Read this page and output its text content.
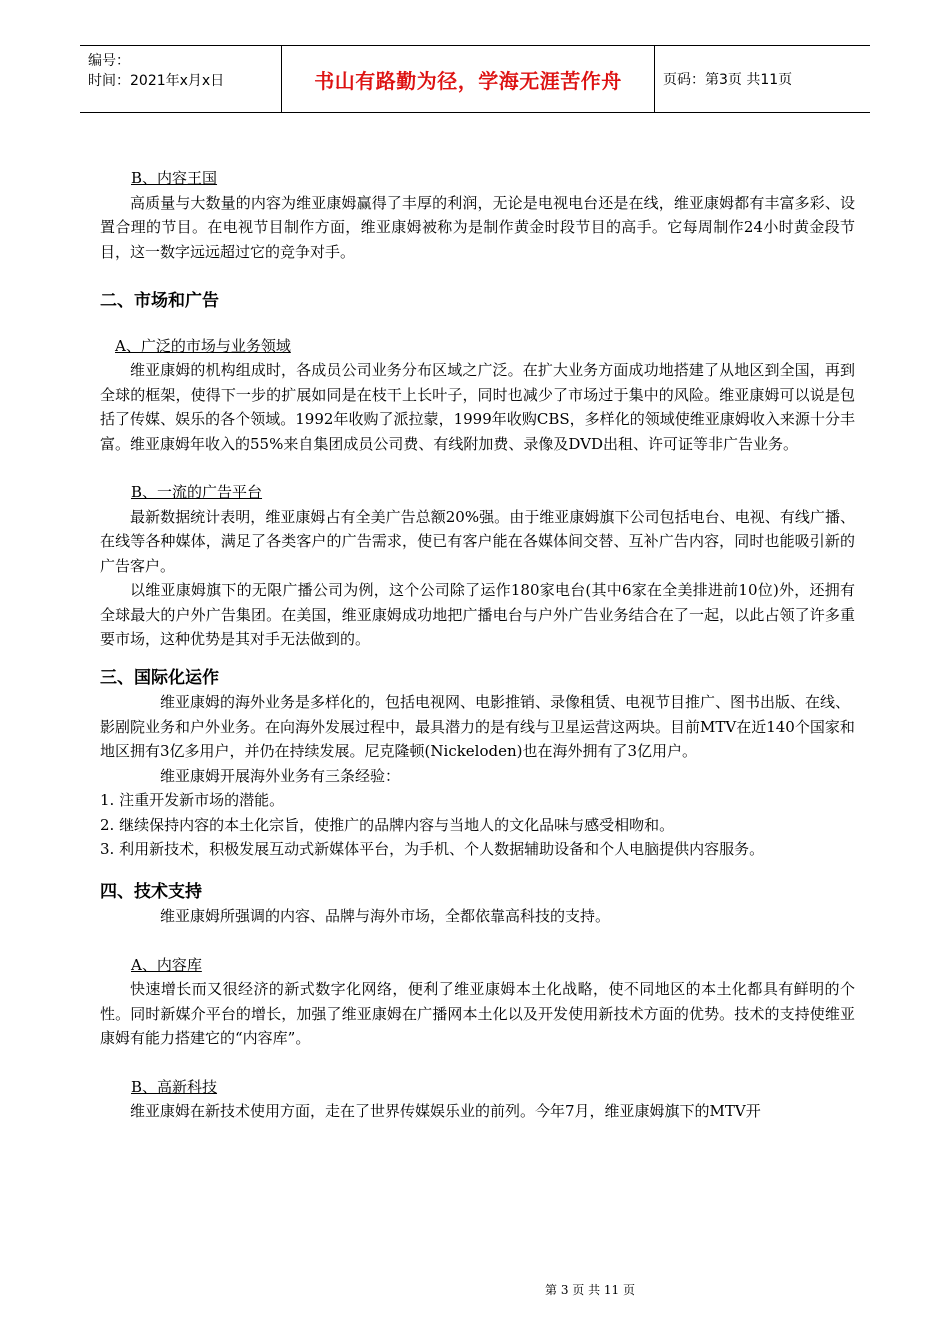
编号：
时间：2021年x月x日	书山有路勤为径，学海无涯苦作舟	页码：第3页 共11页

B、内容王国

高质量与大数量的内容为维亚康姆赢得了丰厚的利润，无论是电视电台还是在线，维亚康姆都有丰富多彩、设置合理的节目。在电视节目制作方面，维亚康姆被称为是制作黄金时段节目的高手。它每周制作24小时黄金段节目，这一数字远远超过它的竞争对手。

二、市场和广告

A、广泛的市场与业务领域

维亚康姆的机构组成时，各成员公司业务分布区域之广泛。在扩大业务方面成功地搭建了从地区到全国，再到全球的框架，使得下一步的扩展如同是在枝干上长叶子，同时也减少了市场过于集中的风险。维亚康姆可以说是包括了传媒、娱乐的各个领域。1992年收购了派拉蒙，1999年收购CBS，多样化的领域使维亚康姆收入来源十分丰富。维亚康姆年收入的55%来自集团成员公司费、有线附加费、录像及DVD出租、许可证等非广告业务。

B、一流的广告平台

最新数据统计表明，维亚康姆占有全美广告总额20%强。由于维亚康姆旗下公司包括电台、电视、有线广播、在线等各种媒体，满足了各类客户的广告需求，使已有客户能在各媒体间交替、互补广告内容，同时也能吸引新的广告客户。

以维亚康姆旗下的无限广播公司为例，这个公司除了运作180家电台(其中6家在全美排进前10位)外，还拥有全球最大的户外广告集团。在美国，维亚康姆成功地把广播电台与户外广告业务结合在了一起，以此占领了许多重要市场，这种优势是其对手无法做到的。

三、国际化运作

维亚康姆的海外业务是多样化的，包括电视网、电影推销、录像租赁、电视节目推广、图书出版、在线、影剧院业务和户外业务。在向海外发展过程中，最具潜力的是有线与卫星运营这两块。目前MTV在近140个国家和地区拥有3亿多用户，并仍在持续发展。尼克隆顿(Nickeloden)也在海外拥有了3亿用户。

维亚康姆开展海外业务有三条经验：

1. 注重开发新市场的潜能。

2. 继续保持内容的本土化宗旨，使推广的品牌内容与当地人的文化品味与感受相吻和。

3. 利用新技术，积极发展互动式新媒体平台，为手机、个人数据辅助设备和个人电脑提供内容服务。

四、技术支持

维亚康姆所强调的内容、品牌与海外市场，全都依靠高科技的支持。

A、内容库

快速增长而又很经济的新式数字化网络，便利了维亚康姆本土化战略，使不同地区的本土化都具有鲜明的个性。同时新媒介平台的增长，加强了维亚康姆在广播网本土化以及开发使用新技术方面的优势。技术的支持使维亚康姆有能力搭建它的“内容库”。

B、高新科技

维亚康姆在新技术使用方面，走在了世界传媒娱乐业的前列。今年7月，维亚康姆旗下的MTV开

第 3 页 共 11 页
